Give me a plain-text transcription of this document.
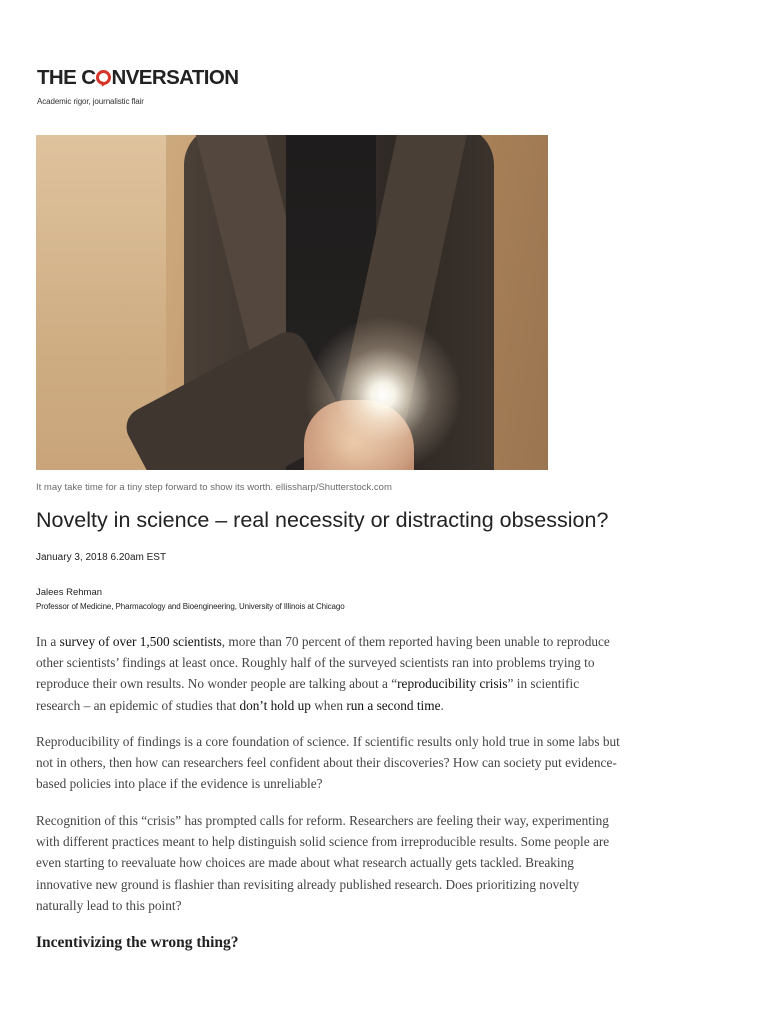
THE C NVERSATION
Academic rigor, journalistic flair
It may take time for a tiny step forward to show its worth. ellissharp/Shutterstock.com
Novelty in science – real necessity or distracting obsession?
January 3, 2018 6.20am EST
Jalees Rehman
Professor of Medicine, Pharmacology and Bioengineering, University of Illinois at Chicago

In a survey of over 1,500 scientists, more than 70 percent of them reported having been unable to reproduce other scientists’ findings at least once. Roughly half of the surveyed scientists ran into problems trying to reproduce their own results. No wonder people are talking about a “reproducibility crisis” in scientific research – an epidemic of studies that don’t hold up when run a second time.

Reproducibility of findings is a core foundation of science. If scientific results only hold true in some labs but not in others, then how can researchers feel confident about their discoveries? How can society put evidence-based policies into place if the evidence is unreliable?

Recognition of this “crisis” has prompted calls for reform. Researchers are feeling their way, experimenting with different practices meant to help distinguish solid science from irreproducible results. Some people are even starting to reevaluate how choices are made about what research actually gets tackled. Breaking innovative new ground is flashier than revisiting already published research. Does prioritizing novelty naturally lead to this point?

Incentivizing the wrong thing?
